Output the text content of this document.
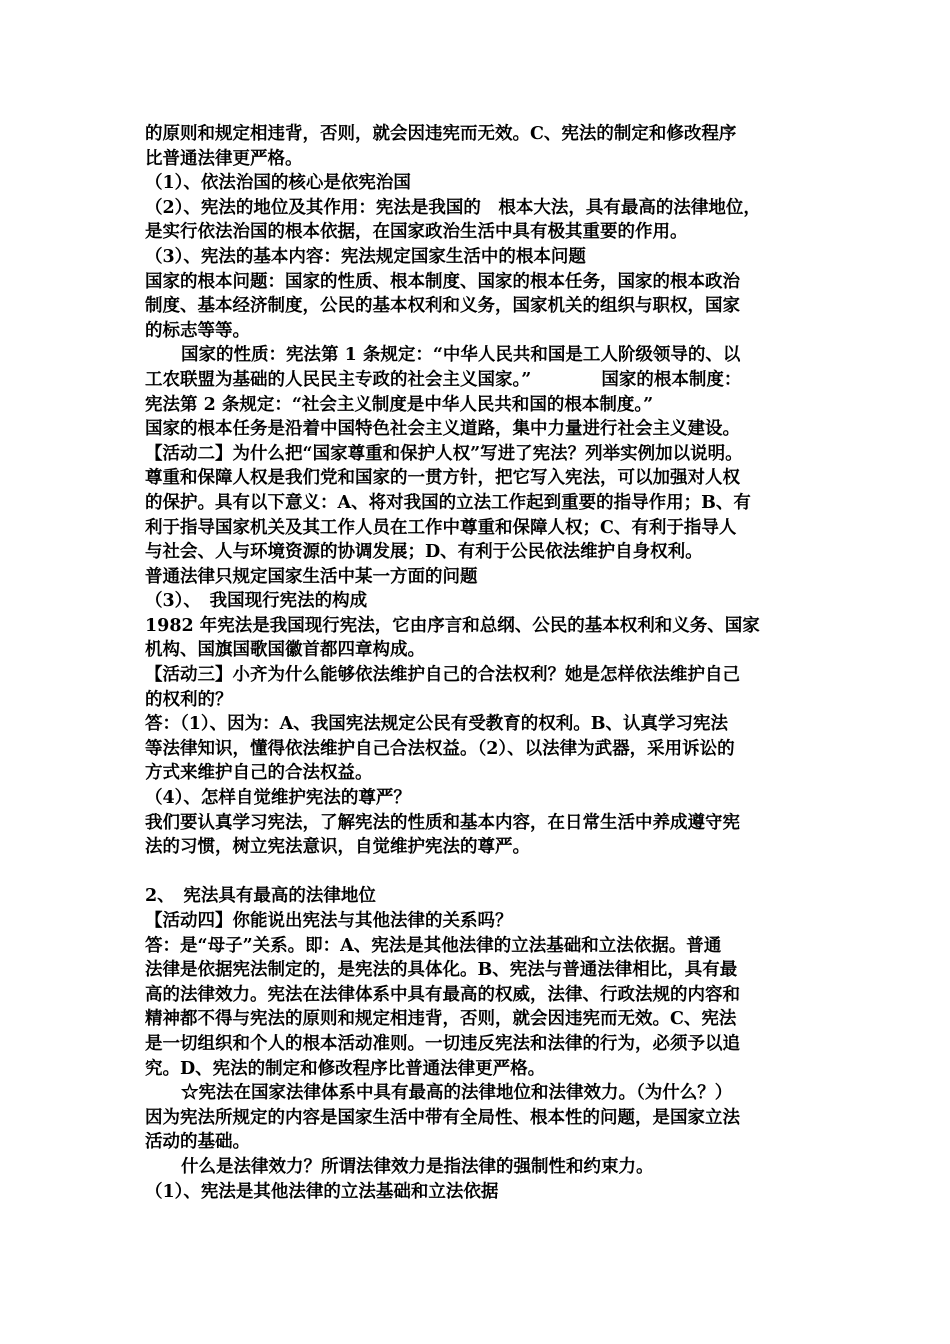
的原则和规定相违背，否则，就会因违宪而无效。C、宪法的制定和修改程序
比普通法律更严格。
（1）、依法治国的核心是依宪治国
（2）、宪法的地位及其作用：宪法是我国的　根本大法，具有最高的法律地位，
是实行依法治国的根本依据，在国家政治生活中具有极其重要的作用。
（3）、宪法的基本内容：宪法规定国家生活中的根本问题
国家的根本问题：国家的性质、根本制度、国家的根本任务，国家的根本政治
制度、基本经济制度，公民的基本权利和义务，国家机关的组织与职权，国家
的标志等等。
国家的性质：宪法第 1 条规定：“中华人民共和国是工人阶级领导的、以
工农联盟为基础的人民民主专政的社会主义国家。”　　　　国家的根本制度：
宪法第 2 条规定：“社会主义制度是中华人民共和国的根本制度。”
国家的根本任务是沿着中国特色社会主义道路，集中力量进行社会主义建设。
【活动二】为什么把“国家尊重和保护人权”写进了宪法？列举实例加以说明。
尊重和保障人权是我们党和国家的一贯方针，把它写入宪法，可以加强对人权
的保护。具有以下意义：A、将对我国的立法工作起到重要的指导作用；B、有
利于指导国家机关及其工作人员在工作中尊重和保障人权；C、有利于指导人
与社会、人与环境资源的协调发展；D、有利于公民依法维护自身权利。
普通法律只规定国家生活中某一方面的问题
（3）、　我国现行宪法的构成
1982 年宪法是我国现行宪法，它由序言和总纲、公民的基本权利和义务、国家
机构、国旗国歌国徽首都四章构成。
【活动三】小齐为什么能够依法维护自己的合法权利？她是怎样依法维护自己
的权利的？
答：（1）、因为：A、我国宪法规定公民有受教育的权利。B、认真学习宪法
等法律知识，懂得依法维护自己合法权益。（2）、以法律为武器，采用诉讼的
方式来维护自己的合法权益。
（4）、怎样自觉维护宪法的尊严？
我们要认真学习宪法，了解宪法的性质和基本内容，在日常生活中养成遵守宪
法的习惯，树立宪法意识，自觉维护宪法的尊严。
2、　宪法具有最高的法律地位
【活动四】你能说出宪法与其他法律的关系吗？
答：是“母子”关系。即：A、宪法是其他法律的立法基础和立法依据。普通
法律是依据宪法制定的，是宪法的具体化。B、宪法与普通法律相比，具有最
高的法律效力。宪法在法律体系中具有最高的权威，法律、行政法规的内容和
精神都不得与宪法的原则和规定相违背，否则，就会因违宪而无效。C、宪法
是一切组织和个人的根本活动准则。一切违反宪法和法律的行为，必须予以追
究。D、宪法的制定和修改程序比普通法律更严格。
☆宪法在国家法律体系中具有最高的法律地位和法律效力。（为什么？）
因为宪法所规定的内容是国家生活中带有全局性、根本性的问题，是国家立法
活动的基础。
什么是法律效力？所谓法律效力是指法律的强制性和约束力。
（1）、宪法是其他法律的立法基础和立法依据
